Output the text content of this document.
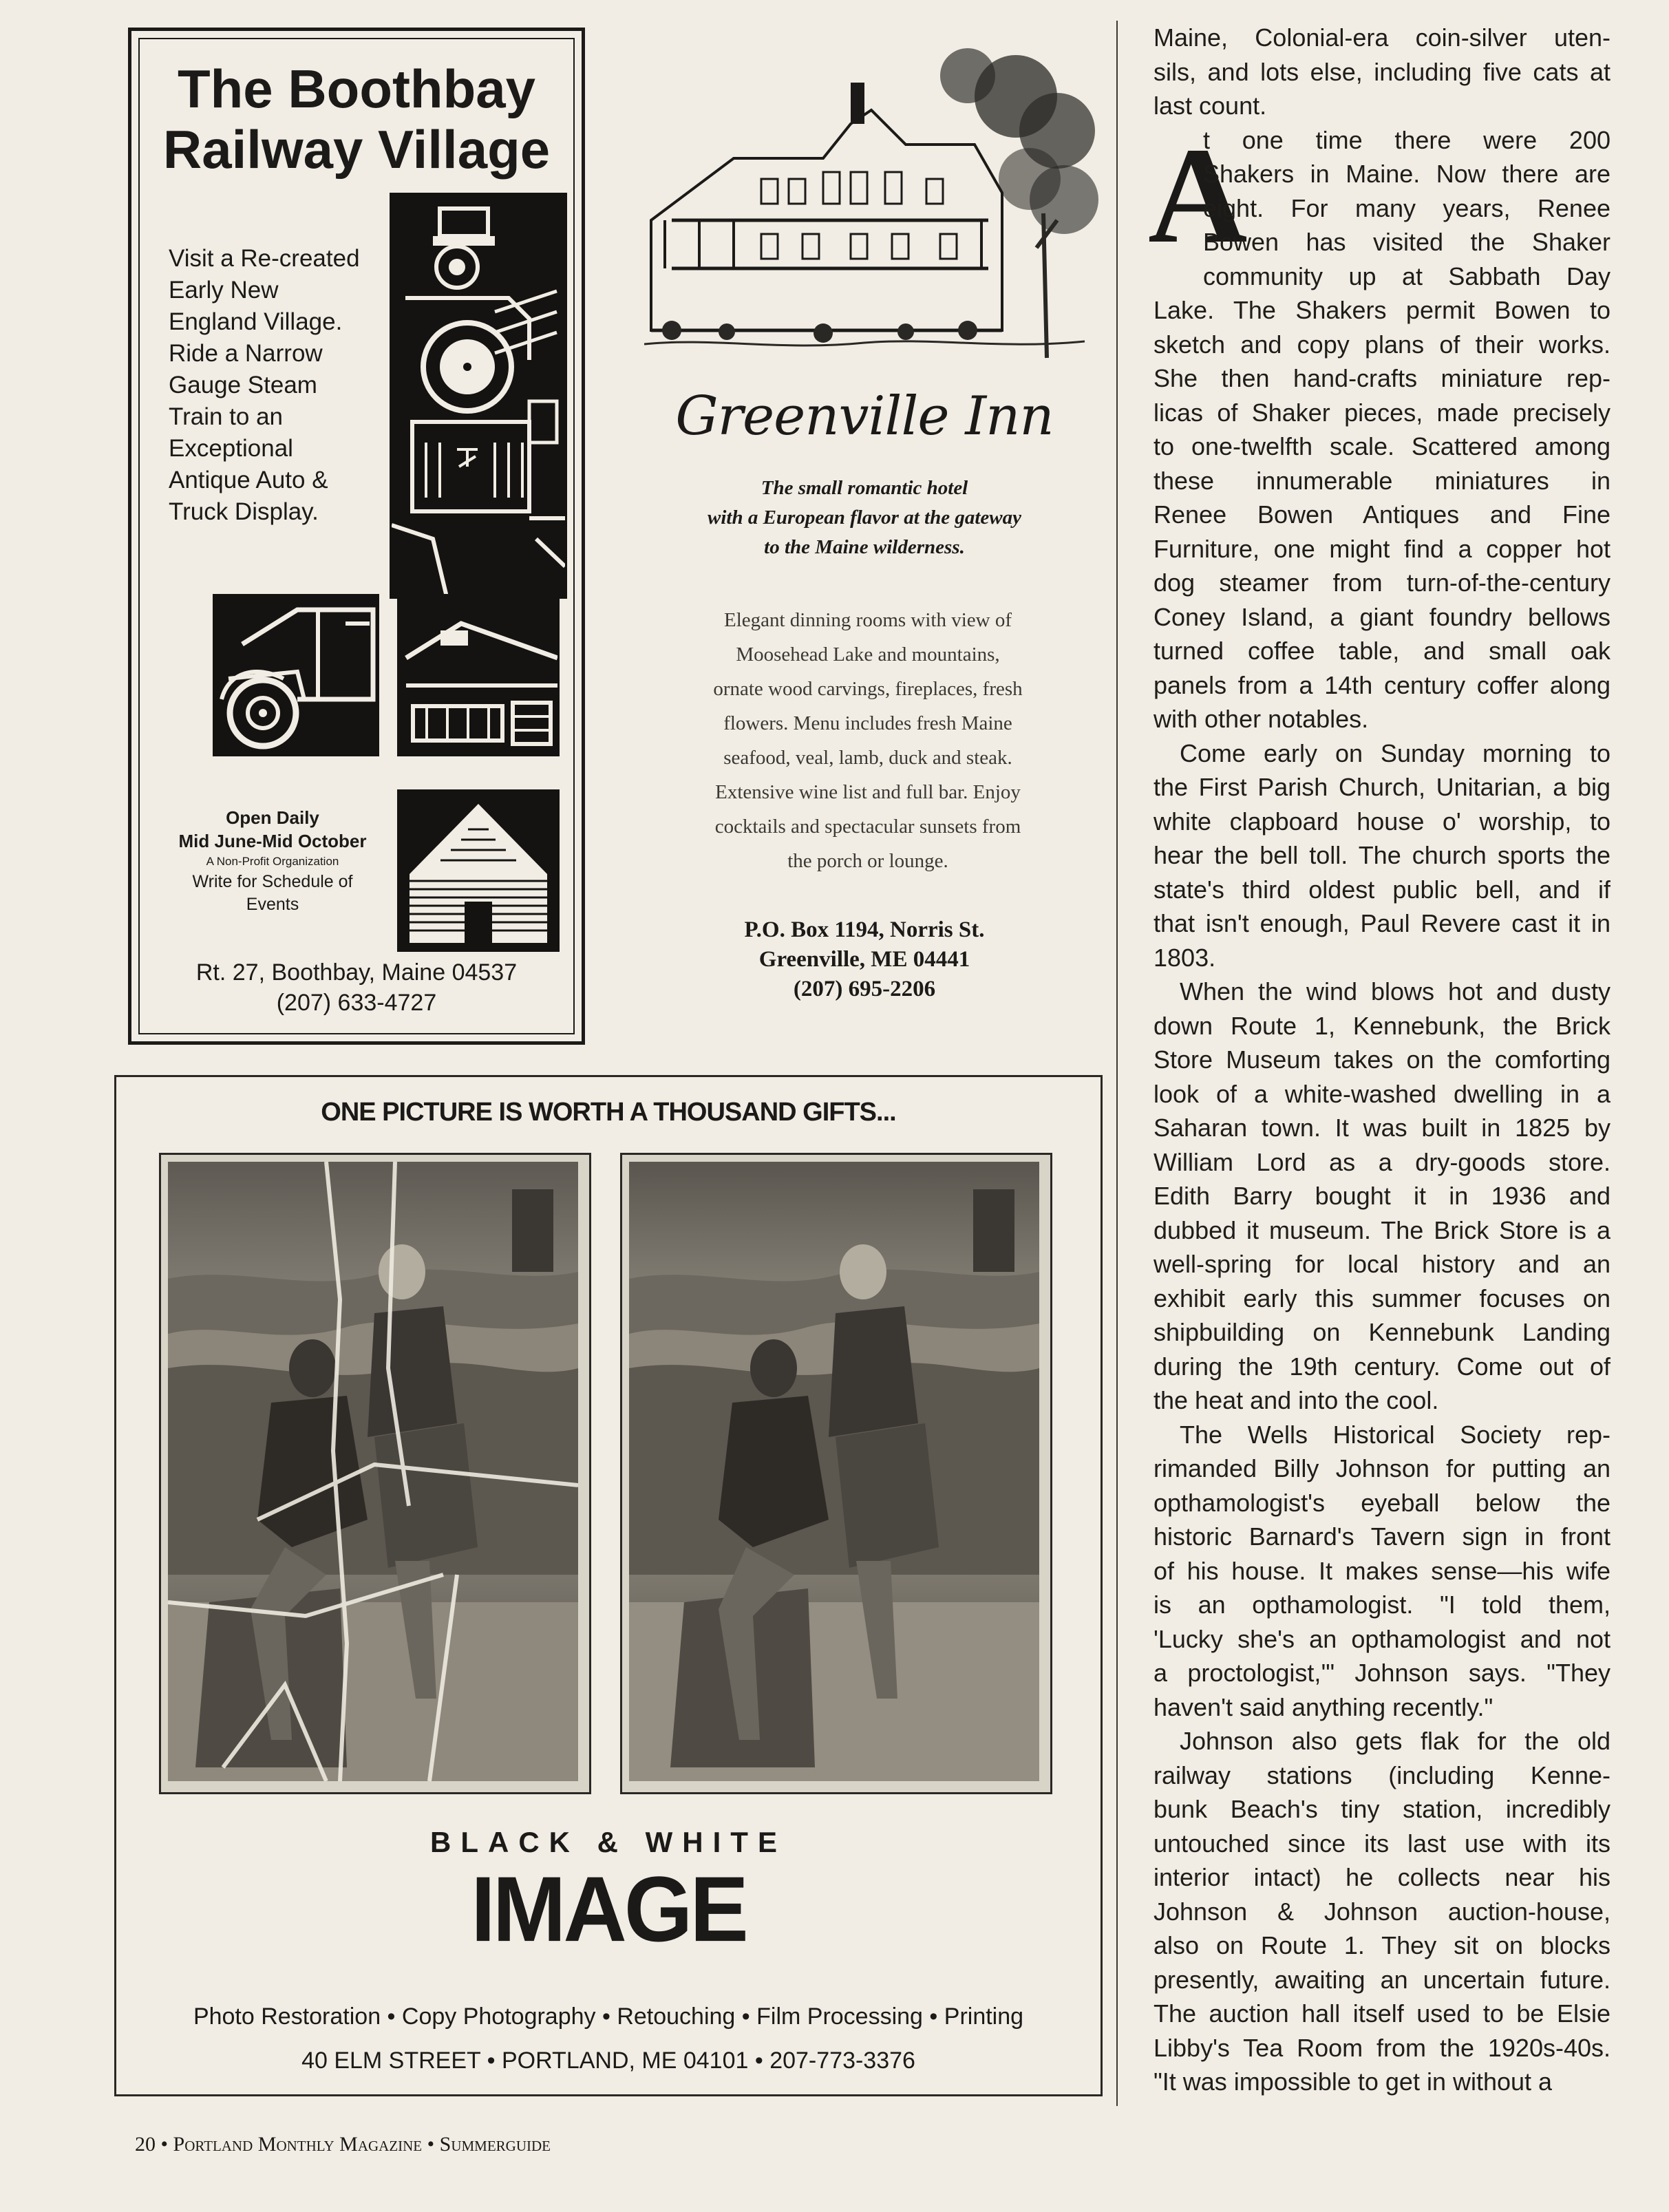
The Boothbay
Railway Village
Visit a Re-created
Early New
England Village.
Ride a Narrow
Gauge Steam
Train to an
Exceptional
Antique Auto &
Truck Display.
Open Daily
Mid June-Mid October
A Non-Profit Organization
Write for Schedule of
Events
Rt. 27, Boothbay, Maine 04537
(207) 633-4727
Greenville Inn
The small romantic hotel
with a European flavor at the gateway
to the Maine wilderness.
Elegant dinning rooms with view of
Moosehead Lake and mountains,
ornate wood carvings, fireplaces, fresh
flowers. Menu includes fresh Maine
seafood, veal, lamb, duck and steak.
Extensive wine list and full bar. Enjoy
cocktails and spectacular sunsets from
the porch or lounge.
P.O. Box 1194, Norris St.
Greenville, ME 04441
(207) 695-2206
ONE PICTURE IS WORTH A THOUSAND GIFTS...
BLACK & WHITE
IMAGE
Photo Restoration • Copy Photography • Retouching • Film Processing • Printing
40 ELM STREET • PORTLAND, ME 04101 • 207-773-3376
A
Maine, Colonial-era coin-silver uten-
sils, and lots else, including five cats at
last count.
t one time there were 200
Shakers in Maine. Now there are
eight. For many years, Renee
Bowen has visited the Shaker
community up at Sabbath Day
Lake. The Shakers permit Bowen to
sketch and copy plans of their works.
She then hand-crafts miniature rep-
licas of Shaker pieces, made precisely
to one-twelfth scale. Scattered among
these innumerable miniatures in
Renee Bowen Antiques and Fine
Furniture, one might find a copper hot
dog steamer from turn-of-the-century
Coney Island, a giant foundry bellows
turned coffee table, and small oak
panels from a 14th century coffer along
with other notables.
Come early on Sunday morning to
the First Parish Church, Unitarian, a big
white clapboard house o' worship, to
hear the bell toll. The church sports the
state's third oldest public bell, and if
that isn't enough, Paul Revere cast it in
1803.
When the wind blows hot and dusty
down Route 1, Kennebunk, the Brick
Store Museum takes on the comforting
look of a white-washed dwelling in a
Saharan town. It was built in 1825 by
William Lord as a dry-goods store.
Edith Barry bought it in 1936 and
dubbed it museum. The Brick Store is a
well-spring for local history and an
exhibit early this summer focuses on
shipbuilding on Kennebunk Landing
during the 19th century. Come out of
the heat and into the cool.
The Wells Historical Society rep-
rimanded Billy Johnson for putting an
opthamologist's eyeball below the
historic Barnard's Tavern sign in front
of his house. It makes sense—his wife
is an opthamologist. "I told them,
'Lucky she's an opthamologist and not
a proctologist,'" Johnson says. "They
haven't said anything recently."
Johnson also gets flak for the old
railway stations (including Kenne-
bunk Beach's tiny station, incredibly
untouched since its last use with its
interior intact) he collects near his
Johnson & Johnson auction-house,
also on Route 1. They sit on blocks
presently, awaiting an uncertain future.
The auction hall itself used to be Elsie
Libby's Tea Room from the 1920s-40s.
"It was impossible to get in without a
20 • Portland Monthly Magazine • Summerguide
